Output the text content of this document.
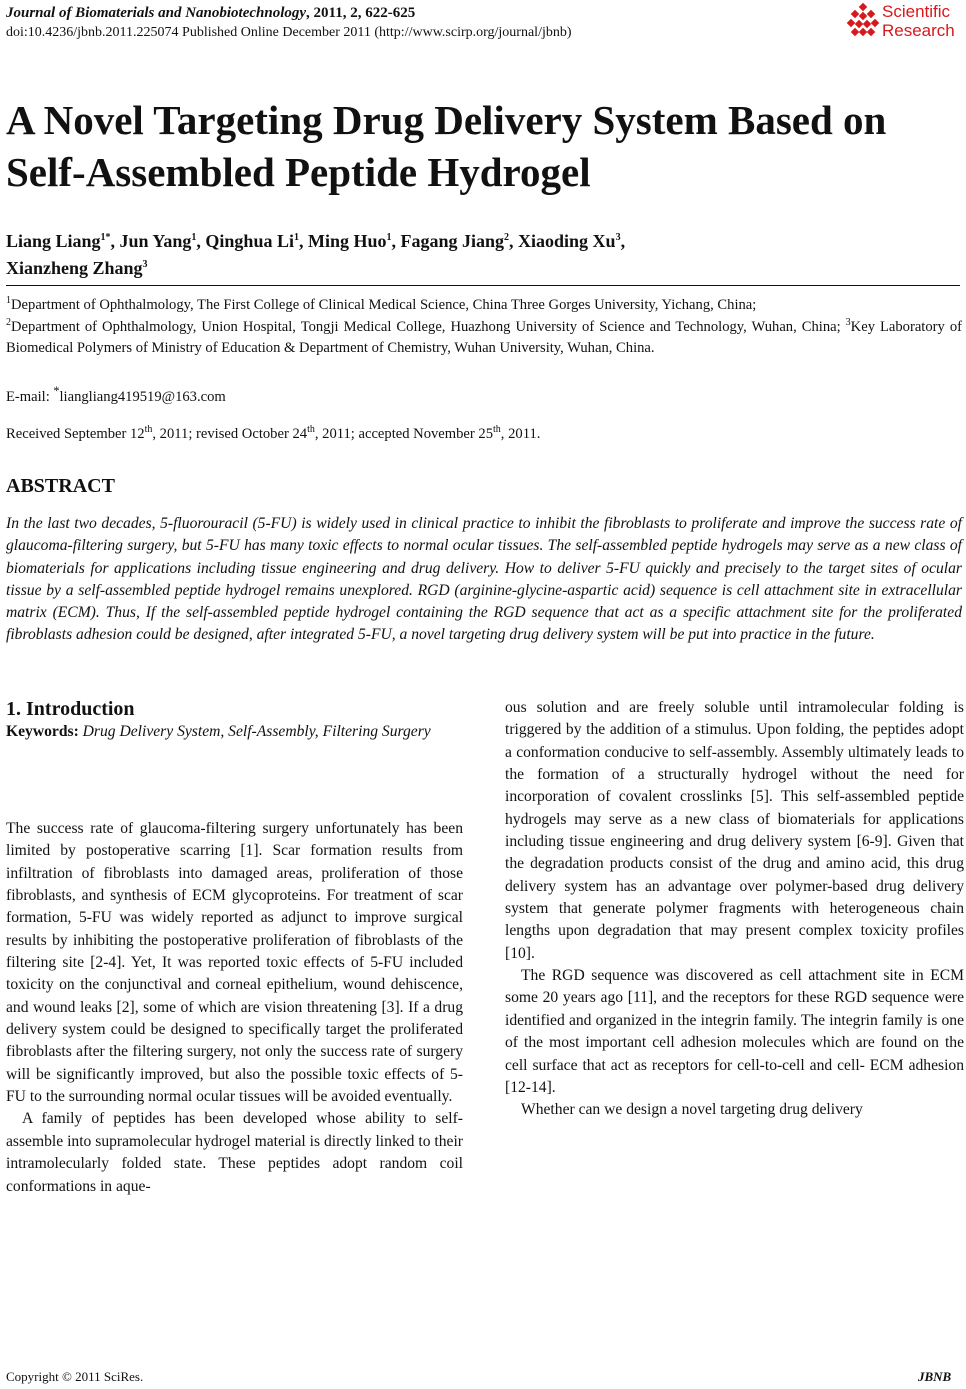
Journal of Biomaterials and Nanobiotechnology, 2011, 2, 622-625
doi:10.4236/jbnb.2011.225074 Published Online December 2011 (http://www.scirp.org/journal/jbnb)
Scientific
Research
A Novel Targeting Drug Delivery System Based on Self-Assembled Peptide Hydrogel
Liang Liang$^{1*}$, Jun Yang$^1$, Qinghua Li$^1$, Ming Huo$^1$, Fagang Jiang$^2$, Xiaoding Xu$^3$,
Xianzheng Zhang$^3$
$^1$Department of Ophthalmology, The First College of Clinical Medical Science, China Three Gorges University, Yichang, China;
$^2$Department of Ophthalmology, Union Hospital, Tongji Medical College, Huazhong University of Science and Technology, Wuhan, China; $^3$Key Laboratory of Biomedical Polymers of Ministry of Education & Department of Chemistry, Wuhan University, Wuhan, China.
E-mail: *liangliang419519@163.com
Received September 12th, 2011; revised October 24th, 2011; accepted November 25th, 2011.
ABSTRACT
In the last two decades, 5-fluorouracil (5-FU) is widely used in clinical practice to inhibit the fibroblasts to proliferate and improve the success rate of glaucoma-filtering surgery, but 5-FU has many toxic effects to normal ocular tissues. The self-assembled peptide hydrogels may serve as a new class of biomaterials for applications including tissue engineering and drug delivery. How to deliver 5-FU quickly and precisely to the target sites of ocular tissue by a self-assembled peptide hydrogel remains unexplored. RGD (arginine-glycine-aspartic acid) sequence is cell attachment site in extracellular matrix (ECM). Thus, If the self-assembled peptide hydrogel containing the RGD sequence that act as a specific attachment site for the proliferated fibroblasts adhesion could be designed, after integrated 5-FU, a novel targeting drug delivery system will be put into practice in the future.
Keywords: Drug Delivery System, Self-Assembly, Filtering Surgery
1. Introduction

The success rate of glaucoma-filtering surgery unfortunately has been limited by postoperative scarring [1]. Scar formation results from infiltration of fibroblasts into damaged areas, proliferation of those fibroblasts, and synthesis of ECM glycoproteins. For treatment of scar formation, 5-FU was widely reported as adjunct to improve surgical results by inhibiting the postoperative proliferation of fibroblasts of the filtering site [2-4]. Yet, It was reported toxic effects of 5-FU included toxicity on the conjunctival and corneal epithelium, wound dehiscence, and wound leaks [2], some of which are vision threatening [3]. If a drug delivery system could be designed to specifically target the proliferated fibroblasts after the filtering surgery, not only the success rate of surgery will be significantly improved, but also the possible toxic effects of 5-FU to the surrounding normal ocular tissues will be avoided eventually.

A family of peptides has been developed whose ability to self-assemble into supramolecular hydrogel material is directly linked to their intramolecularly folded state. These peptides adopt random coil conformations in aque-

ous solution and are freely soluble until intramolecular folding is triggered by the addition of a stimulus. Upon folding, the peptides adopt a conformation conducive to self-assembly. Assembly ultimately leads to the formation of a structurally hydrogel without the need for incorporation of covalent crosslinks [5]. This self-assembled peptide hydrogels may serve as a new class of biomaterials for applications including tissue engineering and drug delivery system [6-9]. Given that the degradation products consist of the drug and amino acid, this drug delivery system has an advantage over polymer-based drug delivery system that generate polymer fragments with heterogeneous chain lengths upon degradation that may present complex toxicity profiles [10].

The RGD sequence was discovered as cell attachment site in ECM some 20 years ago [11], and the receptors for these RGD sequence were identified and organized in the integrin family. The integrin family is one of the most important cell adhesion molecules which are found on the cell surface that act as receptors for cell-to-cell and cell- ECM adhesion [12-14].

Whether can we design a novel targeting drug delivery

Copyright © 2011 SciRes.	JBNB
